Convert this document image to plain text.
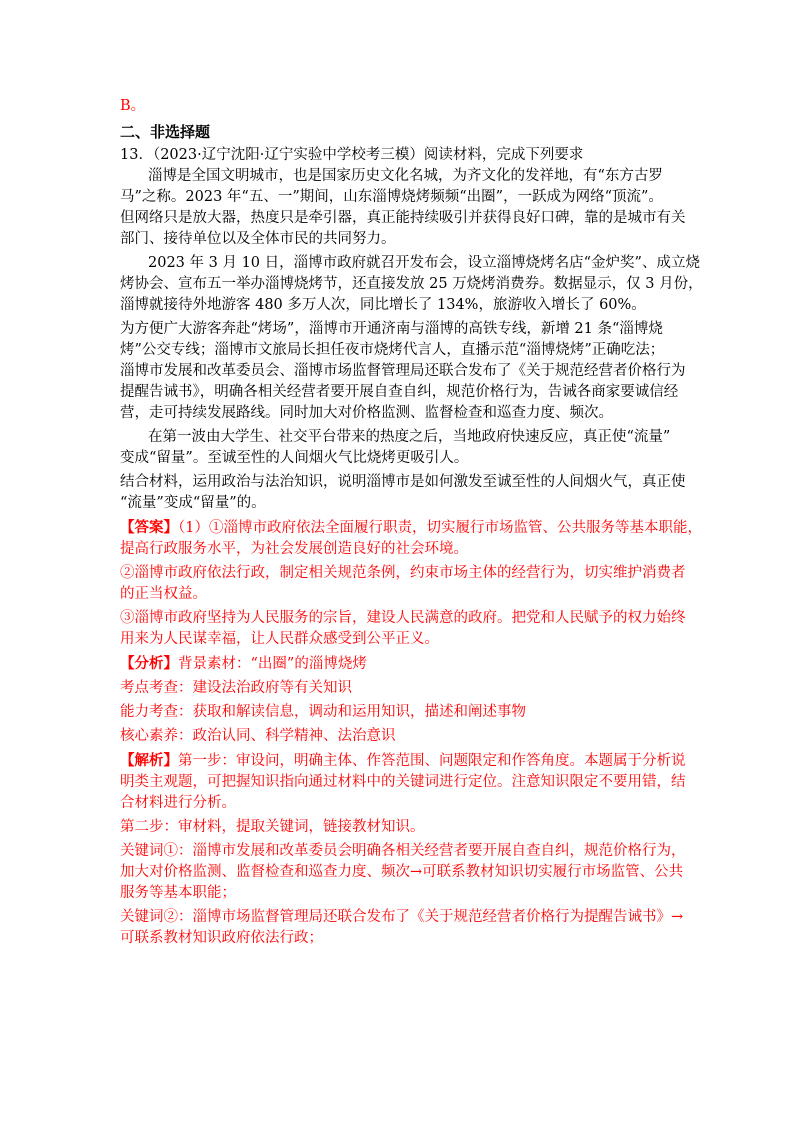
B。
二、非选择题
13．（2023·辽宁沈阳·辽宁实验中学校考三模）阅读材料，完成下列要求
淄博是全国文明城市，也是国家历史文化名城，为齐文化的发祥地，有“东方古罗
马”之称。2023 年“五、一”期间，山东淄博烧烤频频“出圈”，一跃成为网络“顶流”。
但网络只是放大器，热度只是牵引器，真正能持续吸引并获得良好口碑，靠的是城市有关
部门、接待单位以及全体市民的共同努力。
2023 年 3 月 10 日，淄博市政府就召开发布会，设立淄博烧烤名店“金炉奖”、成立烧
烤协会、宣布五一举办淄博烧烤节，还直接发放 25 万烧烤消费券。数据显示，仅 3 月份，
淄博就接待外地游客 480 多万人次，同比增长了 134%，旅游收入增长了 60%。
为方便广大游客奔赴“烤场”，淄博市开通济南与淄博的高铁专线，新增 21 条“淄博烧
烤”公交专线；淄博市文旅局长担任夜市烧烤代言人，直播示范“淄博烧烤”正确吃法；
淄博市发展和改革委员会、淄博市场监督管理局还联合发布了《关于规范经营者价格行为
提醒告诫书》，明确各相关经营者要开展自查自纠，规范价格行为，告诫各商家要诚信经
营，走可持续发展路线。同时加大对价格监测、监督检查和巡查力度、频次。
在第一波由大学生、社交平台带来的热度之后，当地政府快速反应，真正使“流量”
变成“留量”。至诚至性的人间烟火气比烧烤更吸引人。
结合材料，运用政治与法治知识，说明淄博市是如何激发至诚至性的人间烟火气，真正使
“流量”变成“留量”的。
【答案】（1）①淄博市政府依法全面履行职责，切实履行市场监管、公共服务等基本职能，
提高行政服务水平，为社会发展创造良好的社会环境。
②淄博市政府依法行政，制定相关规范条例，约束市场主体的经营行为，切实维护消费者
的正当权益。
③淄博市政府坚持为人民服务的宗旨，建设人民满意的政府。把党和人民赋予的权力始终
用来为人民谋幸福，让人民群众感受到公平正义。
【分析】背景素材：“出圈”的淄博烧烤
考点考查：建设法治政府等有关知识
能力考查：获取和解读信息，调动和运用知识，描述和阐述事物
核心素养：政治认同、科学精神、法治意识
【解析】第一步：审设问，明确主体、作答范围、问题限定和作答角度。本题属于分析说
明类主观题，可把握知识指向通过材料中的关键词进行定位。注意知识限定不要用错，结
合材料进行分析。
第二步：审材料，提取关键词，链接教材知识。
关键词①：淄博市发展和改革委员会明确各相关经营者要开展自查自纠，规范价格行为，
加大对价格监测、监督检查和巡查力度、频次→可联系教材知识切实履行市场监管、公共
服务等基本职能；
关键词②：淄博市场监督管理局还联合发布了《关于规范经营者价格行为提醒告诫书》→
可联系教材知识政府依法行政；
